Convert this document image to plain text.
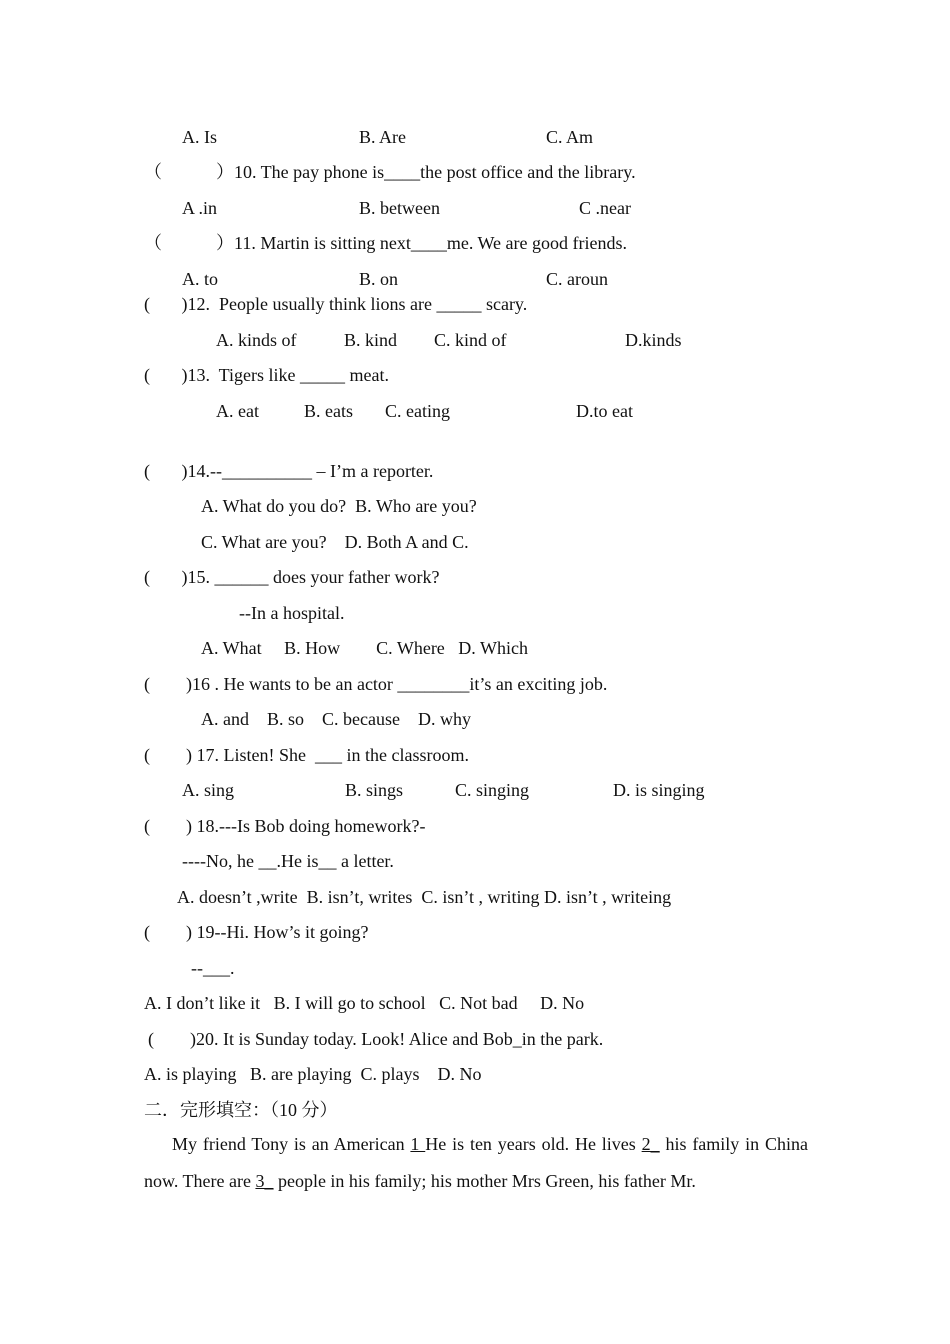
A. Is	B. Are	C. Am
（	）10. The pay phone is____the post office and the library.
A .in	B. between	C .near
（	）11. Martin is sitting next____me. We are good friends.
A. to	B. on	C. aroun
(       )12.  People usually think lions are _____ scary.
A. kinds of	B. kind C. kind of	D.kinds
(       )13.  Tigers like _____ meat.
A. eat	B. eats C. eating	D.to eat
(       )14.--__________ – I’m a reporter.
A. What do you do?  B. Who are you?
C. What are you?    D. Both A and C.
(       )15. ______ does your father work?
--In a hospital.
A. What     B. How        C. Where   D. Which
(        )16 . He wants to be an actor ________it’s an exciting job.
A. and    B. so    C. because    D. why
(        ) 17. Listen! She  ___ in the classroom.
A. sing	B. sings	C. singing	D. is singing
(        ) 18.---Is Bob doing homework?-
----No, he __.He is__ a letter.
A. doesn’t ,write  B. isn’t, writes  C. isn’t , writing D. isn’t , writeing
(        ) 19--Hi. How’s it going?
--___.
A. I don’t like it   B. I will go to school   C. Not bad     D. No
(        )20. It is Sunday today. Look! Alice and Bob_in the park.
A. is playing   B. are playing  C. plays    D. No
二．完形填空：（10 分）
My friend Tony is an American 1 He is ten years old. He lives 2_ his family in China now. There are 3_ people in his family; his mother Mrs Green, his father Mr.
